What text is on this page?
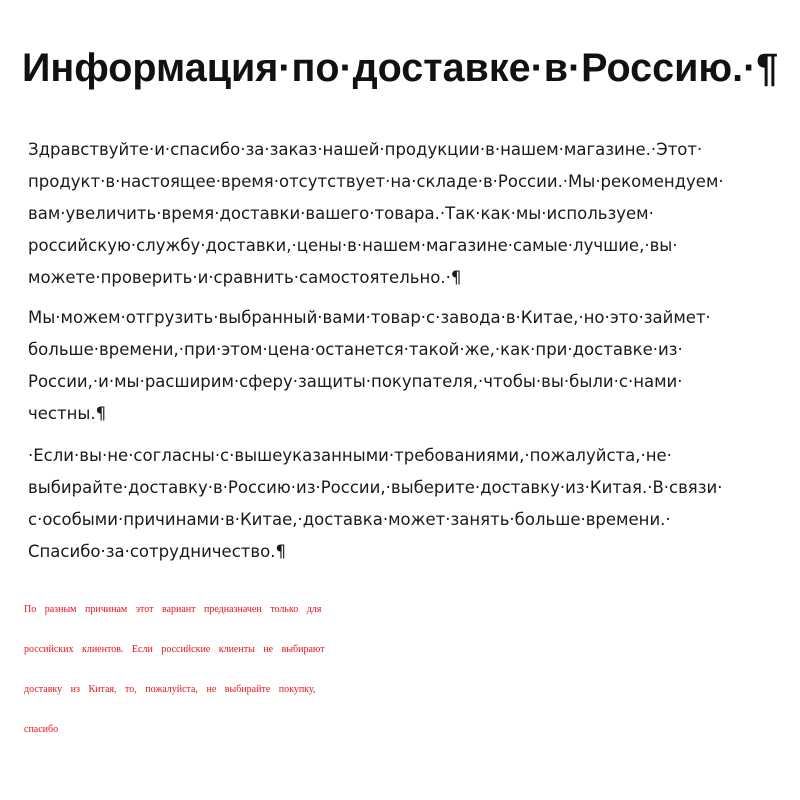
Информация·по·доставке·в·Россию.·¶
Здравствуйте·и·спасибо·за·заказ·нашей·продукции·в·нашем·магазине.·Этот·
продукт·в·настоящее·время·отсутствует·на·складе·в·России.·Мы·рекомендуем·
вам·увеличить·время·доставки·вашего·товара.·Так·как·мы·используем·
российскую·службу·доставки,·цены·в·нашем·магазине·самые·лучшие,·вы·
можете·проверить·и·сравнить·самостоятельно.·¶
Мы·можем·отгрузить·выбранный·вами·товар·с·завода·в·Китае,·но·это·займет·
больше·времени,·при·этом·цена·останется·такой·же,·как·при·доставке·из·
России,·и·мы·расширим·сферу·защиты·покупателя,·чтобы·вы·были·с·нами·
честны.¶
·Если·вы·не·согласны·с·вышеуказанными·требованиями,·пожалуйста,·не·
выбирайте·доставку·в·Россию·из·России,·выберите·доставку·из·Китая.·В·связи·
с·особыми·причинами·в·Китае,·доставка·может·занять·больше·времени.·
Спасибо·за·сотрудничество.¶
По разным причинам этот вариант предназначен только для
российских клиентов. Если российские клиенты не выбирают
доставку из Китая, то, пожалуйста, не выбирайте покупку,
спасибо
